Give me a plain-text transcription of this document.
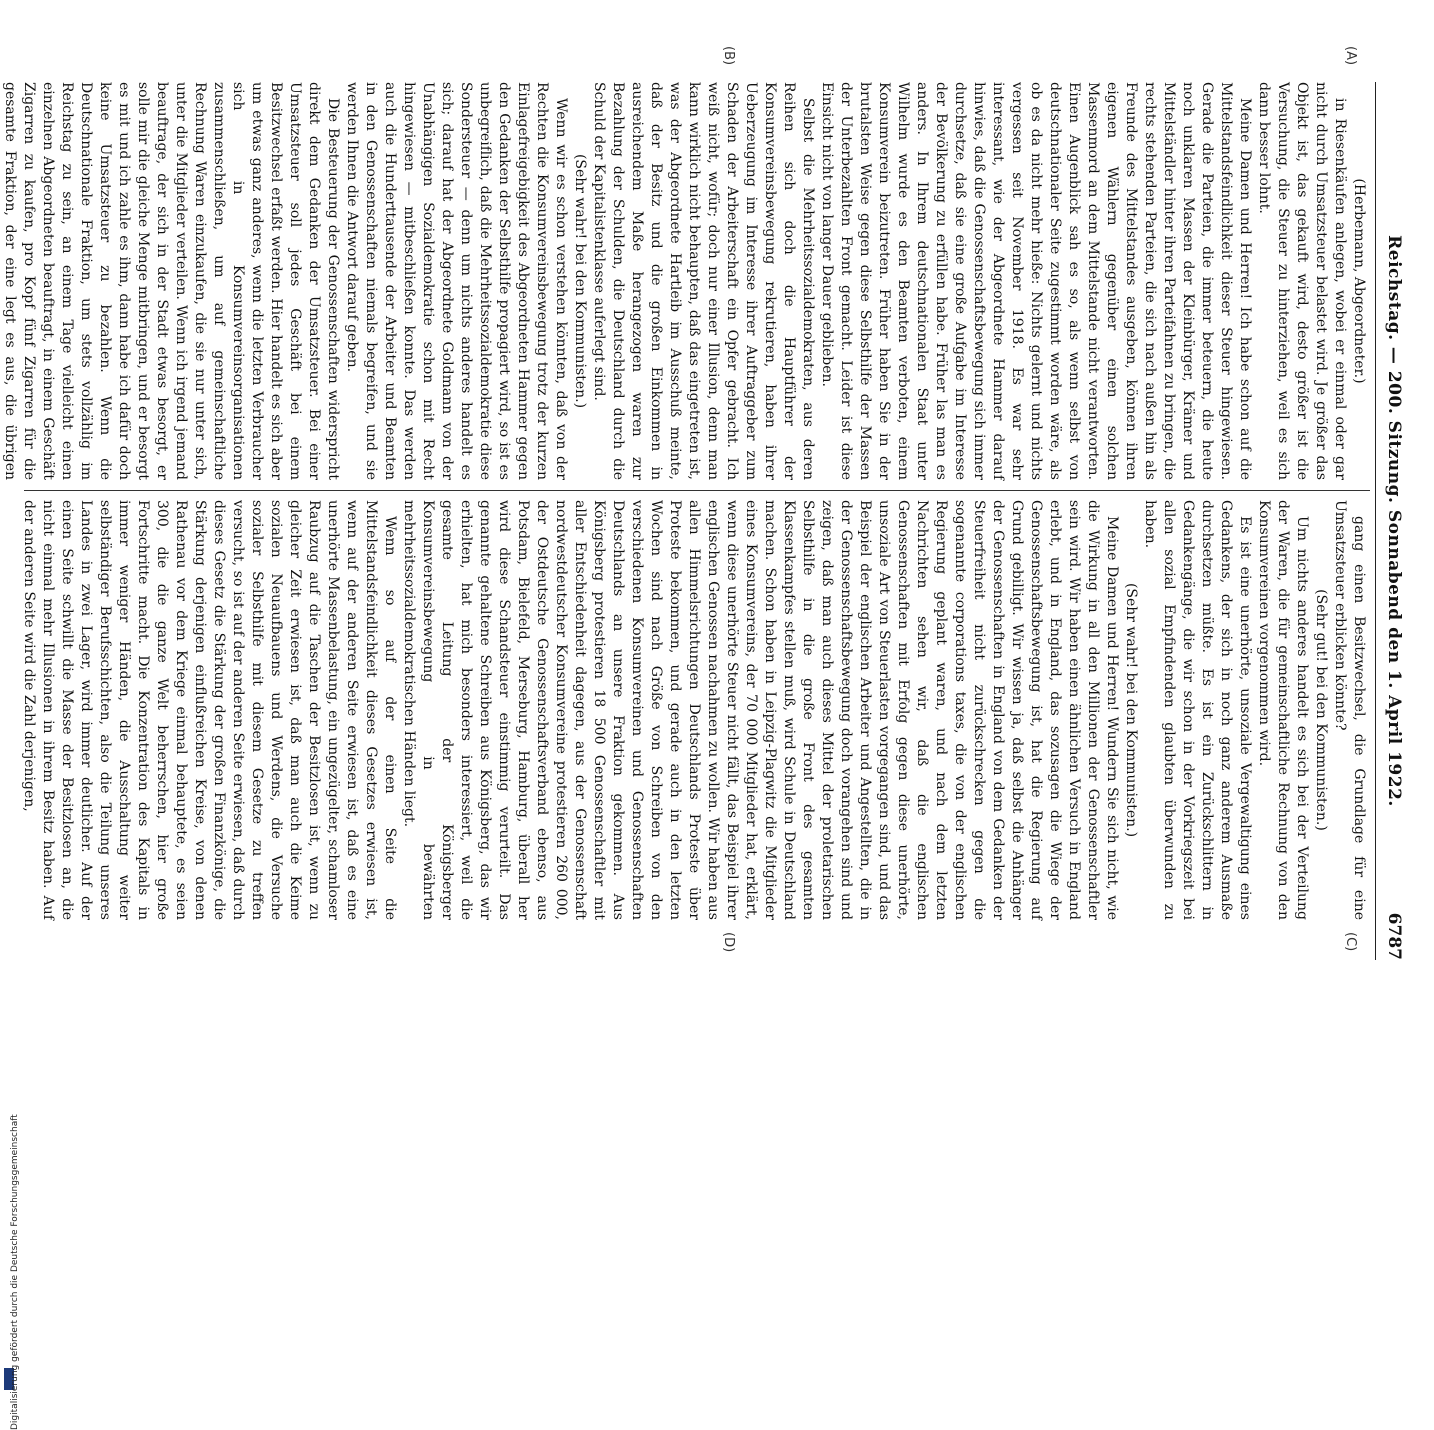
Reichstag. — 200. Sitzung. Sonnabend den 1. April 1922.
6787
(A)
(B)
(C)
(D)

(Herbemann, Abgeordneter.)

in Riesenkäufen anlegen, wobei er einmal oder gar nicht durch Umsatzsteuer belastet wird. Je größer das Objekt ist, das gekauft wird, desto größer ist die Versuchung, die Steuer zu hinterziehen, weil es sich dann besser lohnt.

Meine Damen und Herren! Ich habe schon auf die Mittelstandsfeindlichkeit dieser Steuer hingewiesen. Gerade die Parteien, die immer beteuern, die heute noch unklaren Massen der Kleinbürger, Krämer und Mittelständler hinter ihren Parteifahnen zu bringen, die rechts stehenden Parteien, die sich nach außen hin als Freunde des Mittelstandes ausgeben, können ihren eigenen Wählern gegenüber einen solchen Massenmord an dem Mittelstande nicht verantworten. Einen Augenblick sah es so, als wenn selbst von deutschnationaler Seite zugestimmt worden wäre, als ob es da nicht mehr hieße: Nichts gelernt und nichts vergessen seit November 1918. Es war sehr interessant, wie der Abgeordnete Hammer darauf hinwies, daß die Genossenschaftsbewegung sich immer durchsetze, daß sie eine große Aufgabe im Interesse der Bevölkerung zu erfüllen habe. Früher las man es anders. In Ihrem deutschnationalen Staat unter Wilhelm wurde es den Beamten verboten, einem Konsumverein beizutreten. Früher haben Sie in der brutalsten Weise gegen diese Selbsthilfe der Massen der Unterbezahlten Front gemacht. Leider ist diese Einsicht nicht von langer Dauer geblieben.

Selbst die Mehrheitssozialdemokraten, aus deren Reihen sich doch die Hauptführer der Konsumvereinsbewegung rekrutieren, haben ihrer Ueberzeugung im Interesse ihrer Auftraggeber zum Schaden der Arbeiterschaft ein Opfer gebracht. Ich weiß nicht, wofür; doch nur einer Illusion, denn man kann wirklich nicht behaupten, daß das eingetreten ist, was der Abgeordnete Hartleib im Ausschuß meinte, daß der Besitz und die großen Einkommen in ausreichendem Maße herangezogen waren zur Bezahlung der Schulden, die Deutschland durch die Schuld der Kapitalistenklasse auferlegt sind.

(Sehr wahr! bei den Kommunisten.)

Wenn wir es schon verstehen könnten, daß von der Rechten die Konsumvereinsbewegung trotz der kurzen Einlagefreigebigkeit des Abgeordneten Hammer gegen den Gedanken der Selbsthilfe propagiert wird, so ist es unbegreiflich, daß die Mehrheitssozialdemokratie diese Sondersteuer — denn um nichts anderes handelt es sich; darauf hat der Abgeordnete Goldmann von der Unabhängigen Sozialdemokratie schon mit Recht hingewiesen — mitbeschließen konnte. Das werden auch die Hunderttausende der Arbeiter und Beamten in den Genossenschaften niemals begreifen, und sie werden Ihnen die Antwort darauf geben.

Die Besteuerung der Genossenschaften widerspricht direkt dem Gedanken der Umsatzsteuer. Bei einer Umsatzsteuer soll jedes Geschäft bei einem Besitzwechsel erfaßt werden. Hier handelt es sich aber um etwas ganz anderes, wenn die letzten Verbraucher sich in Konsumvereinsorganisationen zusammenschließen, um auf gemeinschaftliche Rechnung Waren einzukaufen, die sie nur unter sich, unter die Mitglieder verteilen. Wenn ich irgend jemand beauftrage, der sich in der Stadt etwas besorgt, er solle mir die gleiche Menge mitbringen, und er besorgt es mit und ich zahle es ihm, dann habe ich dafür doch keine Umsatzsteuer zu bezahlen. Wenn die Deutschnationale Fraktion, um stets vollzählig im Reichstag zu sein, an einem Tage vielleicht einen einzelnen Abgeordneten beauftragt, in einem Geschäft Zigarren zu kaufen, pro Kopf fünf Zigarren für die gesamte Fraktion, der eine legt es aus, die übrigen

gang einen Besitzwechsel, die Grundlage für eine Umsatzsteuer erblicken könnte?

(Sehr gut! bei den Kommunisten.)

Um nichts anderes handelt es sich bei der Verteilung der Waren, die für gemeinschaftliche Rechnung von den Konsumvereinen vorgenommen wird.

Es ist eine unerhörte, unsoziale Vergewaltigung eines Gedankens, der sich in noch ganz anderem Ausmaße durchsetzen müßte. Es ist ein Zurückschlittern in Gedankengänge, die wir schon in der Vorkriegszeit bei allen sozial Empfindenden glaubten überwunden zu haben.

(Sehr wahr! bei den Kommunisten.)

Meine Damen und Herren! Wundern Sie sich nicht, wie die Wirkung in all den Millionen der Genossenschaftler sein wird. Wir haben einen ähnlichen Versuch in England erlebt, und in England, das sozusagen die Wiege der Genossenschaftsbewegung ist, hat die Regierung auf Grund gebilligt. Wir wissen ja, daß selbst die Anhänger der Genossenschaften in England von dem Gedanken der Steuerfreiheit nicht zurückschrecken gegen die sogenannte corporations taxes, die von der englischen Regierung geplant waren, und nach dem letzten Nachrichten sehen wir, daß die englischen Genossenschaften mit Erfolg gegen diese unerhörte, unsoziale Art von Steuerlasten vorgegangen sind, und das Beispiel der englischen Arbeiter und Angestellten, die in der Genossenschaftsbewegung doch vorangehen sind und zeigen, daß man auch dieses Mittel der proletarischen Selbsthilfe in die große Front des gesamten Klassenkampfes stellen muß, wird Schule in Deutschland machen. Schon haben in Leipzig-Plagwitz die Mitglieder eines Konsumvereins, der 70 000 Mitglieder hat, erklärt, wenn diese unerhörte Steuer nicht fällt, das Beispiel ihrer englischen Genossen nachahmen zu wollen. Wir haben aus allen Himmelsrichtungen Deutschlands Proteste über Proteste bekommen, und gerade auch in den letzten Wochen sind nach Größe von Schreiben von den verschiedenen Konsumvereinen und Genossenschaften Deutschlands an unsere Fraktion gekommen. Aus Königsberg protestieren 18 500 Genossenschaftler mit aller Entschiedenheit dagegen, aus der Genossenschaft nordwestdeutscher Konsumvereine protestieren 260 000, der Ostdeutsche Genossenschaftsverband ebenso, aus Potsdam, Bielefeld, Merseburg, Hamburg, überall her wird diese Schandsteuer einstimmig verurteilt. Das genannte gehaltene Schreiben aus Königsberg, das wir erhielten, hat mich besonders interessiert, weil die gesamte Leitung der Königsberger Konsumvereinsbewegung in bewährten mehrheitssozialdemokratischen Händen liegt.

Wenn so auf der einen Seite die Mittelstandsfeindlichkeit dieses Gesetzes erwiesen ist, wenn auf der anderen Seite erwiesen ist, daß es eine unerhörte Massenbelastung, ein ungezügelter, schamloser Raubzug auf die Taschen der Besitzlosen ist, wenn zu gleicher Zeit erwiesen ist, daß man auch die Keime sozialen Neuaufbauens und Werdens, die Versuche sozialer Selbsthilfe mit diesem Gesetze zu treffen versucht, so ist auf der anderen Seite erwiesen, daß durch dieses Gesetz die Stärkung der großen Finanzkönige, die Stärkung derjenigen einflußreichen Kreise, von denen Rathenau vor dem Kriege einmal behauptete, es seien 300, die die ganze Welt beherrschen, hier große Fortschritte macht. Die Konzentration des Kapitals in immer weniger Händen, die Ausschaltung weiter selbständiger Berufsschichten, also die Teilung unseres Landes in zwei Lager, wird immer deutlicher. Auf der einen Seite schwillt die Masse der Besitzlosen an, die nicht einmal mehr Illusionen in ihrem Besitz haben. Auf der anderen Seite wird die Zahl derjenigen,

Digitalisierung gefördert durch die Deutsche Forschungsgemeinschaft
